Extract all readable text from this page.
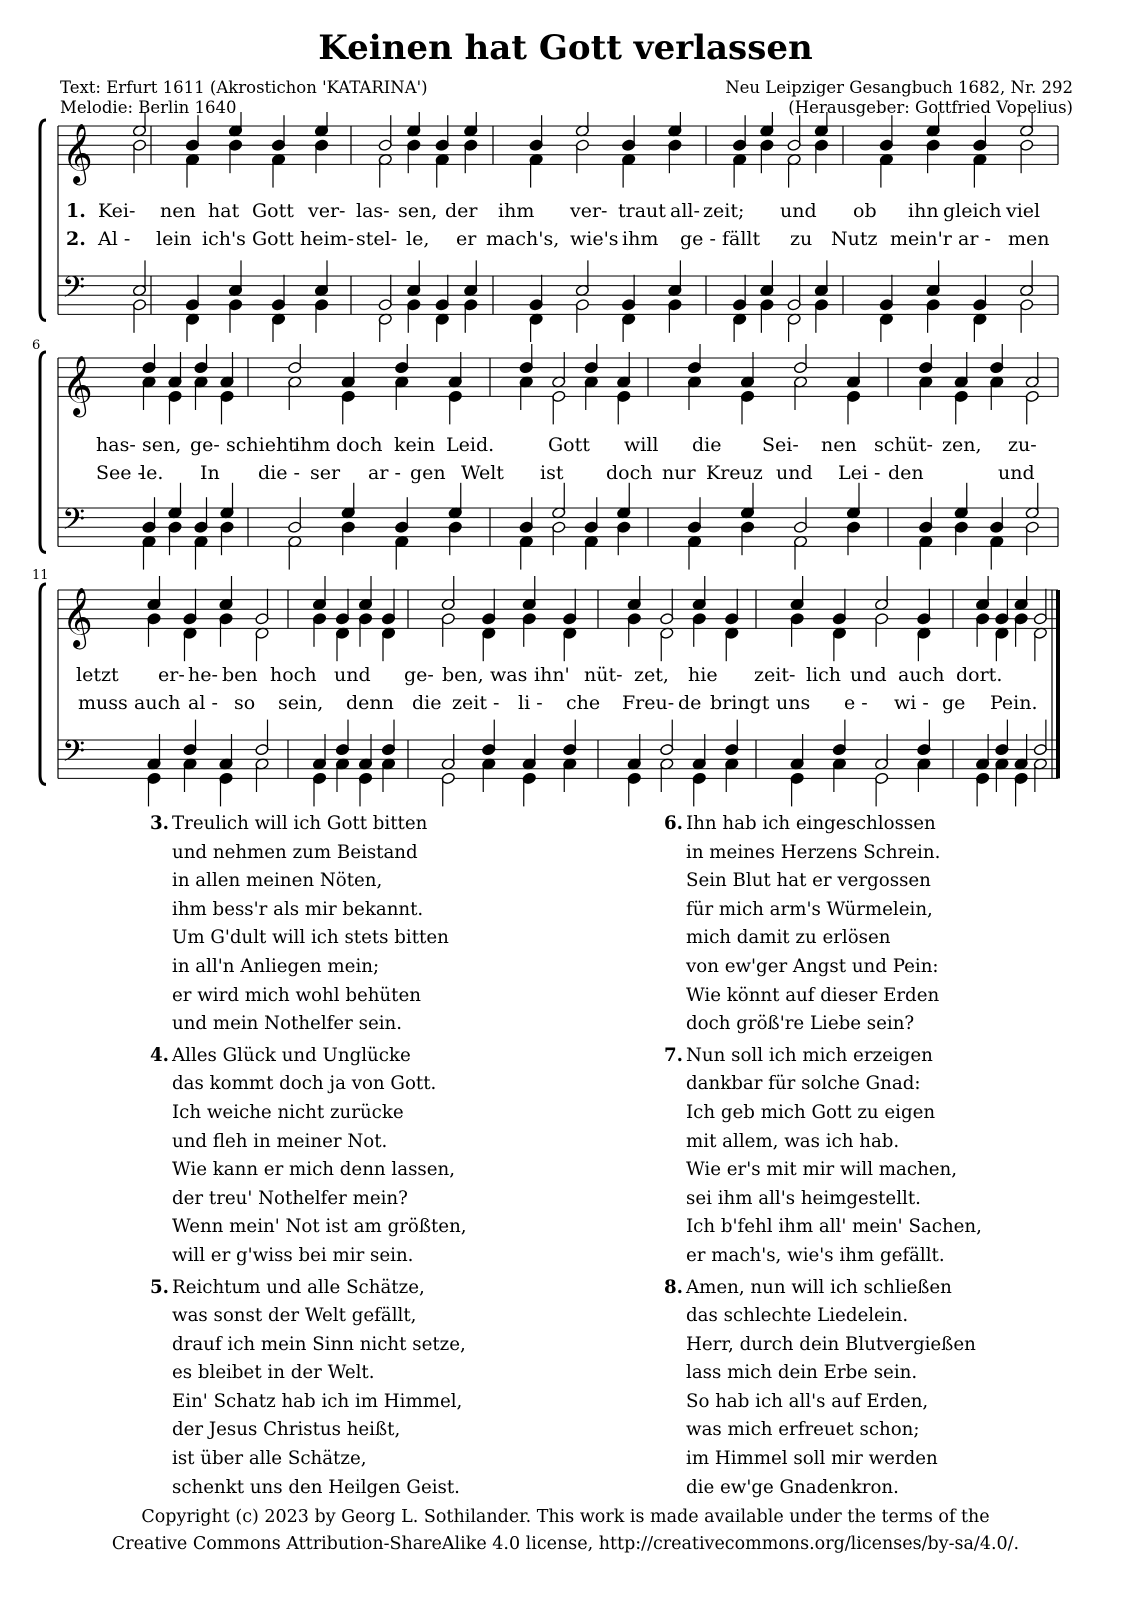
Keinen hat Gott verlassen
Text: Erfurt 1611 (Akrostichon 'KATARINA')
Melodie: Berlin 1640
Neu Leipziger Gesangbuch 1682, Nr. 292
(Herausgeber: Gottfried Vopelius)
𝄞
𝄢
1. Kei- nen hat Gott ver- las- sen, der ihm ver- traut all- zeit; und ob ihn gleich viel
2. Al - lein ich's Gott heim- stel- le, er mach's, wie's ihm ge - fällt zu Nutz mein'r ar - men
6
𝄞
𝄢
has- sen, ge- schieht
ihm doch kein Leid.	Gott will die Sei- nen schüt- zen, zu-
See -
le. In die - ser ar - gen Welt ist doch nur Kreuz und Lei - den	und
11
𝄞
𝄢
letzt er- he- ben hoch und ge- ben, was ihn' nüt- zet, hie zeit- lich und auch dort.
muss auch al - so sein, denn die zeit - li - che Freu- de bringt uns e - wi - ge Pein.
3. Treulich will ich Gott bitten
und nehmen zum Beistand
in allen meinen Nöten,
ihm bess'r als mir bekannt.
Um G'dult will ich stets bitten
in all'n Anliegen mein;
er wird mich wohl behüten
und mein Nothelfer sein.
4. Alles Glück und Unglücke
das kommt doch ja von Gott.
Ich weiche nicht zurücke
und fleh in meiner Not.
Wie kann er mich denn lassen,
der treu' Nothelfer mein?
Wenn mein' Not ist am größten,
will er g'wiss bei mir sein.
5. Reichtum und alle Schätze,
was sonst der Welt gefällt,
drauf ich mein Sinn nicht setze,
es bleibet in der Welt.
Ein' Schatz hab ich im Himmel,
der Jesus Christus heißt,
ist über alle Schätze,
schenkt uns den Heilgen Geist.
6. Ihn hab ich eingeschlossen
in meines Herzens Schrein.
Sein Blut hat er vergossen
für mich arm's Würmelein,
mich damit zu erlösen
von ew'ger Angst und Pein:
Wie könnt auf dieser Erden
doch größ're Liebe sein?
7. Nun soll ich mich erzeigen
dankbar für solche Gnad:
Ich geb mich Gott zu eigen
mit allem, was ich hab.
Wie er's mit mir will machen,
sei ihm all's heimgestellt.
Ich b'fehl ihm all' mein' Sachen,
er mach's, wie's ihm gefällt.
8. Amen, nun will ich schließen
das schlechte Liedelein.
Herr, durch dein Blutvergießen
lass mich dein Erbe sein.
So hab ich all's auf Erden,
was mich erfreuet schon;
im Himmel soll mir werden
die ew'ge Gnadenkron.
Copyright (c) 2023 by Georg L. Sothilander. This work is made available under the terms of the
Creative Commons Attribution-ShareAlike 4.0 license, http://creativecommons.org/licenses/by-sa/4.0/.
